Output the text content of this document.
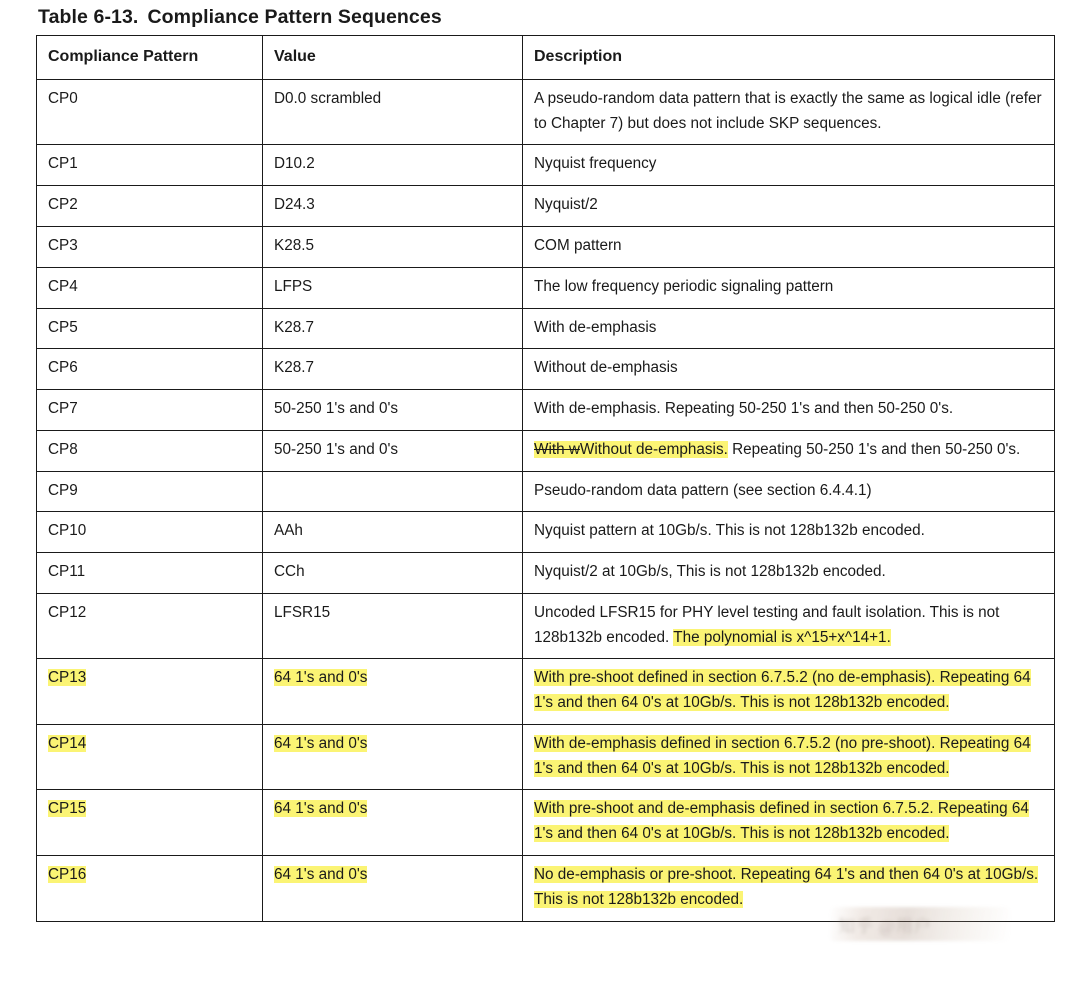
Table 6-13. Compliance Pattern Sequences
Compliance Pattern	Value	Description
CP0	D0.0 scrambled	A pseudo-random data pattern that is exactly the same as logical idle (refer to Chapter 7) but does not include SKP sequences.
CP1	D10.2	Nyquist frequency
CP2	D24.3	Nyquist/2
CP3	K28.5	COM pattern
CP4	LFPS	The low frequency periodic signaling pattern
CP5	K28.7	With de-emphasis
CP6	K28.7	Without de-emphasis
CP7	50-250 1's and 0's	With de-emphasis. Repeating 50-250 1's and then 50-250 0's.
CP8	50-250 1's and 0's	With wWithout de-emphasis. Repeating 50-250 1's and then 50-250 0's.
CP9		Pseudo-random data pattern (see section 6.4.4.1)
CP10	AAh	Nyquist pattern at 10Gb/s. This is not 128b132b encoded.
CP11	CCh	Nyquist/2 at 10Gb/s, This is not 128b132b encoded.
CP12	LFSR15	Uncoded LFSR15 for PHY level testing and fault isolation. This is not 128b132b encoded. The polynomial is x^15+x^14+1.
CP13	64 1's and 0's	With pre-shoot defined in section 6.7.5.2 (no de-emphasis). Repeating 64 1's and then 64 0's at 10Gb/s. This is not 128b132b encoded.
CP14	64 1's and 0's	With de-emphasis defined in section 6.7.5.2 (no pre-shoot). Repeating 64 1's and then 64 0's at 10Gb/s. This is not 128b132b encoded.
CP15	64 1's and 0's	With pre-shoot and de-emphasis defined in section 6.7.5.2. Repeating 64 1's and then 64 0's at 10Gb/s. This is not 128b132b encoded.
CP16	64 1's and 0's	No de-emphasis or pre-shoot. Repeating 64 1's and then 64 0's at 10Gb/s. This is not 128b132b encoded.
知乎 @用户
